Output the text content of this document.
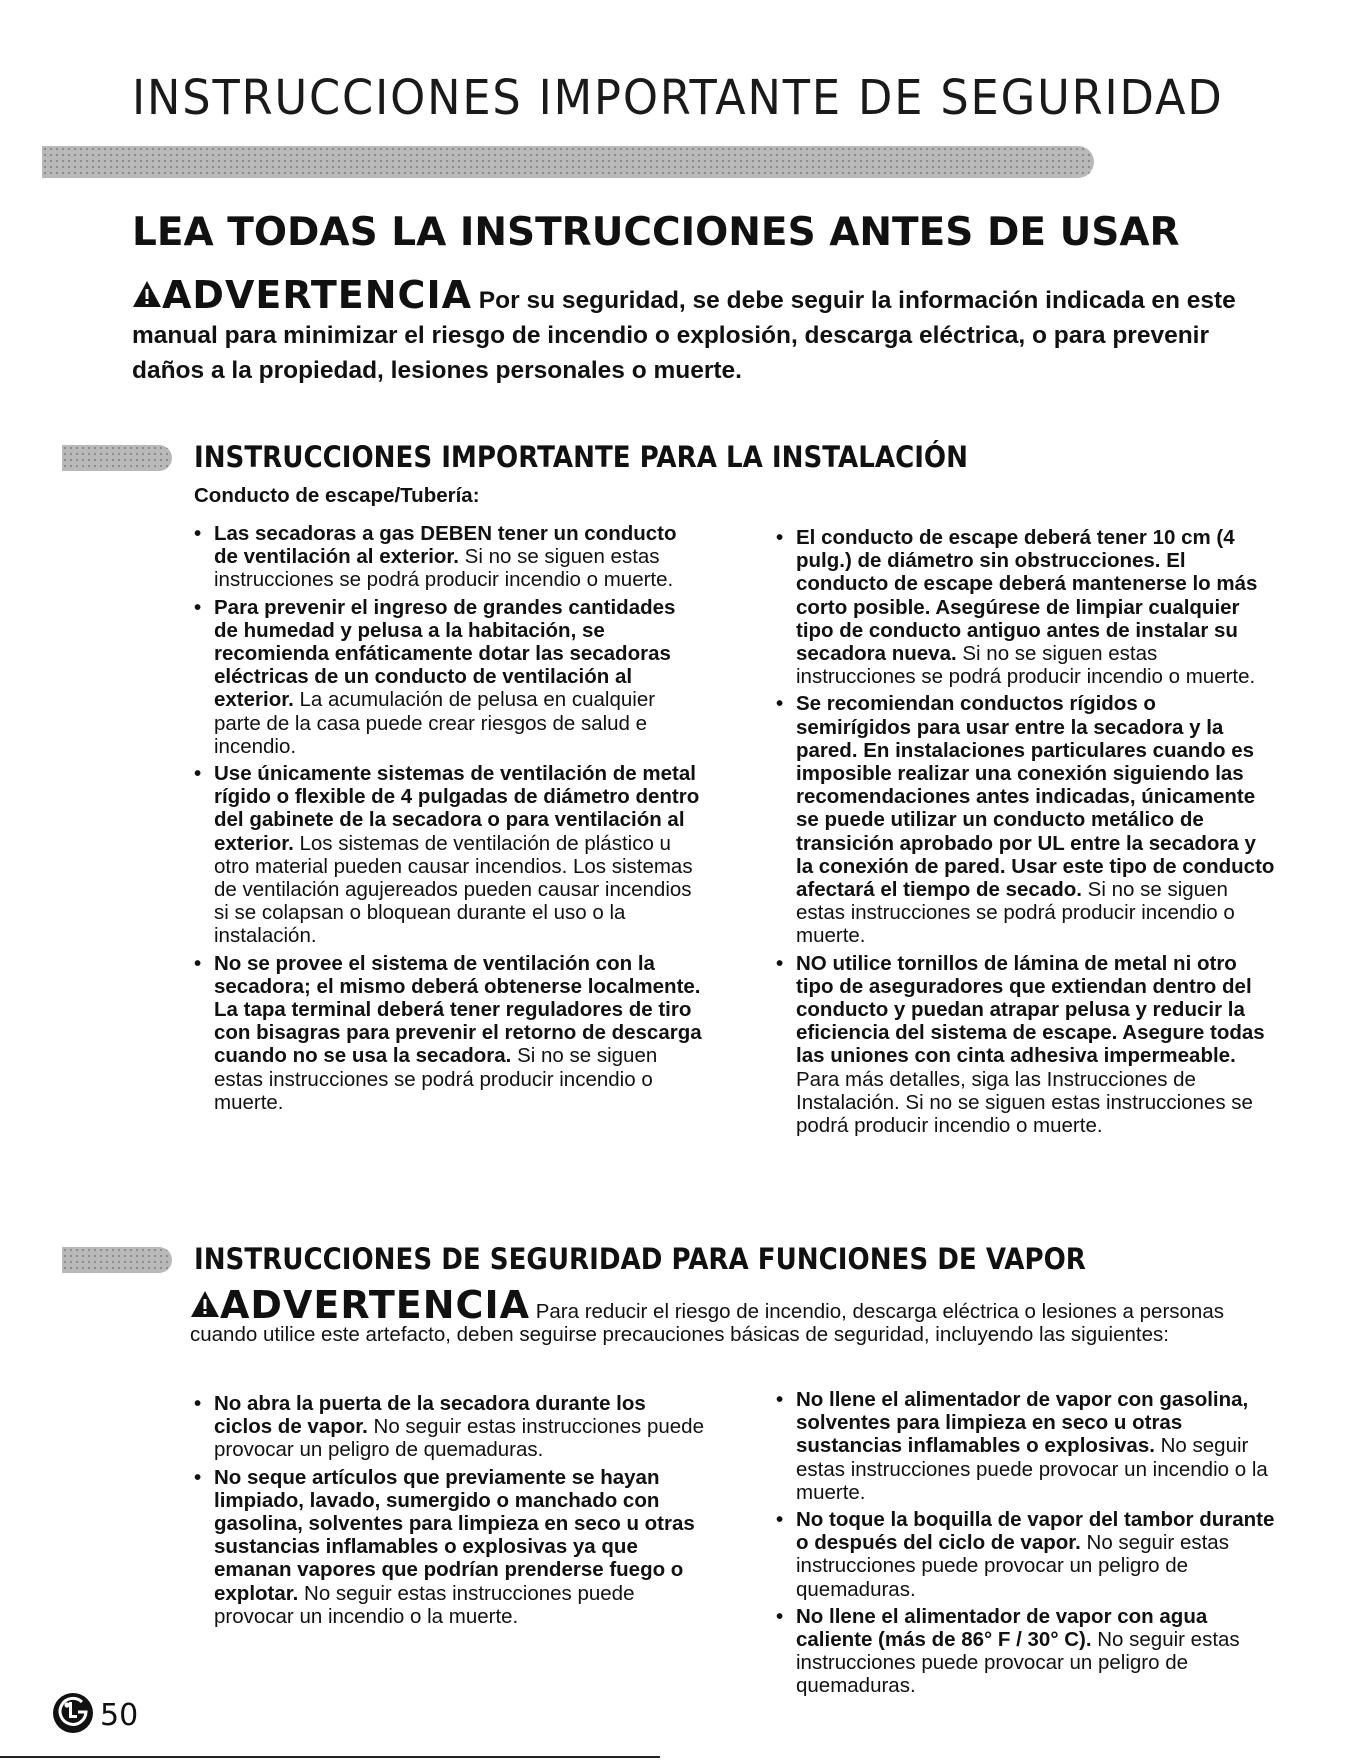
INSTRUCCIONES IMPORTANTE DE SEGURIDAD
LEA TODAS LA INSTRUCCIONES ANTES DE USAR
ADVERTENCIA Por su seguridad, se debe seguir la información indicada en este manual para minimizar el riesgo de incendio o explosión, descarga eléctrica, o para prevenir daños a la propiedad, lesiones personales o muerte.
INSTRUCCIONES IMPORTANTE PARA LA INSTALACIÓN
Conducto de escape/Tubería:
• Las secadoras a gas DEBEN tener un conducto de ventilación al exterior. Si no se siguen estas instrucciones se podrá producir incendio o muerte.
• Para prevenir el ingreso de grandes cantidades de humedad y pelusa a la habitación, se recomienda enfáticamente dotar las secadoras eléctricas de un conducto de ventilación al exterior. La acumulación de pelusa en cualquier parte de la casa puede crear riesgos de salud e incendio.
• Use únicamente sistemas de ventilación de metal rígido o flexible de 4 pulgadas de diámetro dentro del gabinete de la secadora o para ventilación al exterior. Los sistemas de ventilación de plástico u otro material pueden causar incendios. Los sistemas de ventilación agujereados pueden causar incendios si se colapsan o bloquean durante el uso o la instalación.
• No se provee el sistema de ventilación con la secadora; el mismo deberá obtenerse localmente. La tapa terminal deberá tener reguladores de tiro con bisagras para prevenir el retorno de descarga cuando no se usa la secadora. Si no se siguen estas instrucciones se podrá producir incendio o muerte.
• El conducto de escape deberá tener 10 cm (4 pulg.) de diámetro sin obstrucciones. El conducto de escape deberá mantenerse lo más corto posible. Asegúrese de limpiar cualquier tipo de conducto antiguo antes de instalar su secadora nueva. Si no se siguen estas instrucciones se podrá producir incendio o muerte.
• Se recomiendan conductos rígidos o semirígidos para usar entre la secadora y la pared. En instalaciones particulares cuando es imposible realizar una conexión siguiendo las recomendaciones antes indicadas, únicamente se puede utilizar un conducto metálico de transición aprobado por UL entre la secadora y la conexión de pared. Usar este tipo de conducto afectará el tiempo de secado. Si no se siguen estas instrucciones se podrá producir incendio o muerte.
• NO utilice tornillos de lámina de metal ni otro tipo de aseguradores que extiendan dentro del conducto y puedan atrapar pelusa y reducir la eficiencia del sistema de escape. Asegure todas las uniones con cinta adhesiva impermeable. Para más detalles, siga las Instrucciones de Instalación. Si no se siguen estas instrucciones se podrá producir incendio o muerte.
INSTRUCCIONES DE SEGURIDAD PARA FUNCIONES DE VAPOR
ADVERTENCIA Para reducir el riesgo de incendio, descarga eléctrica o lesiones a personas cuando utilice este artefacto, deben seguirse precauciones básicas de seguridad, incluyendo las siguientes:
• No abra la puerta de la secadora durante los ciclos de vapor. No seguir estas instrucciones puede provocar un peligro de quemaduras.
• No seque artículos que previamente se hayan limpiado, lavado, sumergido o manchado con gasolina, solventes para limpieza en seco u otras sustancias inflamables o explosivas ya que emanan vapores que podrían prenderse fuego o explotar. No seguir estas instrucciones puede provocar un incendio o la muerte.
• No llene el alimentador de vapor con gasolina, solventes para limpieza en seco u otras sustancias inflamables o explosivas. No seguir estas instrucciones puede provocar un incendio o la muerte.
• No toque la boquilla de vapor del tambor durante o después del ciclo de vapor. No seguir estas instrucciones puede provocar un peligro de quemaduras.
• No llene el alimentador de vapor con agua caliente (más de 86° F / 30° C). No seguir estas instrucciones puede provocar un peligro de quemaduras.
50
